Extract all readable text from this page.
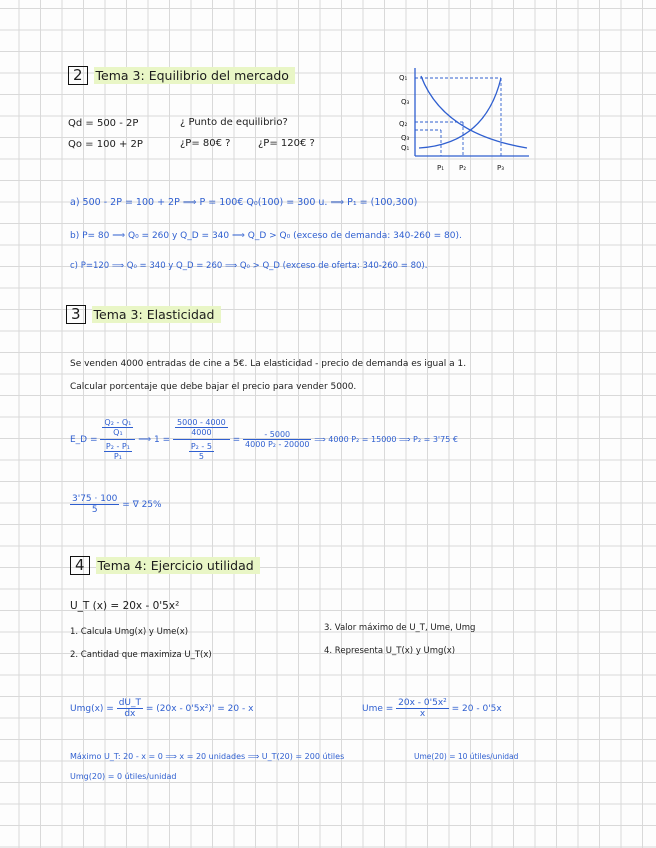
2 Tema 3: Equilibrio del mercado
Qd = 500 - 2P
Qo = 100 + 2P
¿ Punto de equilibrio?
¿P= 80€ ?	¿P= 120€ ?
Q₁
Q₃
Q₂
Q₃
Q₁
P₁ P₂	P₃
a) 500 - 2P = 100 + 2P ⟹ P = 100€ Q₀(100) = 300 u. ⟹ P₁ = (100,300)
b) P= 80 ⟹ Q₀ = 260 y Q_D = 340 ⟹ Q_D > Q₀ (exceso de demanda: 340-260 = 80).
c) P=120 ⟹ Q₀ = 340 y Q_D = 260 ⟹ Q₀ > Q_D (exceso de oferta: 340-260 = 80).
3 Tema 3: Elasticidad
Se venden 4000 entradas de cine a 5€. La elasticidad - precio de demanda es igual a 1.
Calcular porcentaje que debe bajar el precio para vender 5000.
E_D = $\frac{\frac{\text{Q₂ - Q₁}}{\text{Q₁}}}{\frac{\text{P₂ - P₁}}{\text{P₁}}}$ ⟹ $1 = \frac{\frac{5000 - 4000}{4000}}{\frac{\text{P₂ - 5}}{5}} = \frac{- 5000}{\text{4000 P₂ - 20000}}$ ⟹ 4000 P₂ = 15000 ⟹ P₂ = 3'75 €
$\frac{3'75 \cdot 100}{5}$ = ∇ 25%
4 Tema 4: Ejercicio utilidad
U_T (x) = 20x - 0'5x²
1. Calcula Umg(x) y Ume(x)
2. Cantidad que maximiza U_T(x)
3. Valor máximo de U_T, Ume, Umg
4. Representa U_T(x) y Umg(x)
$Umg(x) = \frac{dU\_T}{dx} = (20x - 0'5x^2)' = 20 - x$	Ume = $\frac{\text{20x - 0'5x²}}{x} = 20 - 0'5x$
Máximo U_T: 20 - x = 0 ⟹ x = 20 unidades ⟹ U_T(20) = 200 útiles	Ume(20) = 10 útiles/unidad
Umg(20) = 0 útiles/unidad
